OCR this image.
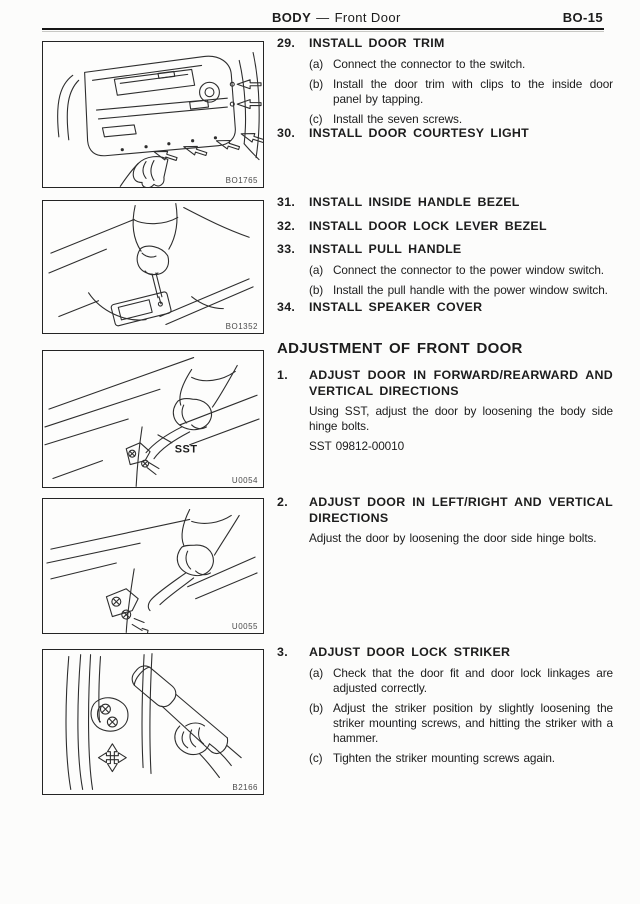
BODY — Front Door	BO-15
BO1765
BO1352
SST
U0054
U0055
B2166
29.	INSTALL DOOR TRIM
(a) Connect the connector to the switch.
(b) Install the door trim with clips to the inside door panel by tapping.
(c) Install the seven screws.
30.	INSTALL DOOR COURTESY LIGHT
31.	INSTALL INSIDE HANDLE BEZEL
32.	INSTALL DOOR LOCK LEVER BEZEL
33.	INSTALL PULL HANDLE
(a) Connect the connector to the power window switch.
(b) Install the pull handle with the power window switch.
34.	INSTALL SPEAKER COVER
ADJUSTMENT OF FRONT DOOR
1.	ADJUST DOOR IN FORWARD/REARWARD AND VERTICAL DIRECTIONS
Using SST, adjust the door by loosening the body side hinge bolts.
SST 09812-00010
2.	ADJUST DOOR IN LEFT/RIGHT AND VERTICAL DIRECTIONS
Adjust the door by loosening the door side hinge bolts.
3.	ADJUST DOOR LOCK STRIKER
(a) Check that the door fit and door lock linkages are adjusted correctly.
(b) Adjust the striker position by slightly loosening the striker mounting screws, and hitting the striker with a hammer.
(c) Tighten the striker mounting screws again.
